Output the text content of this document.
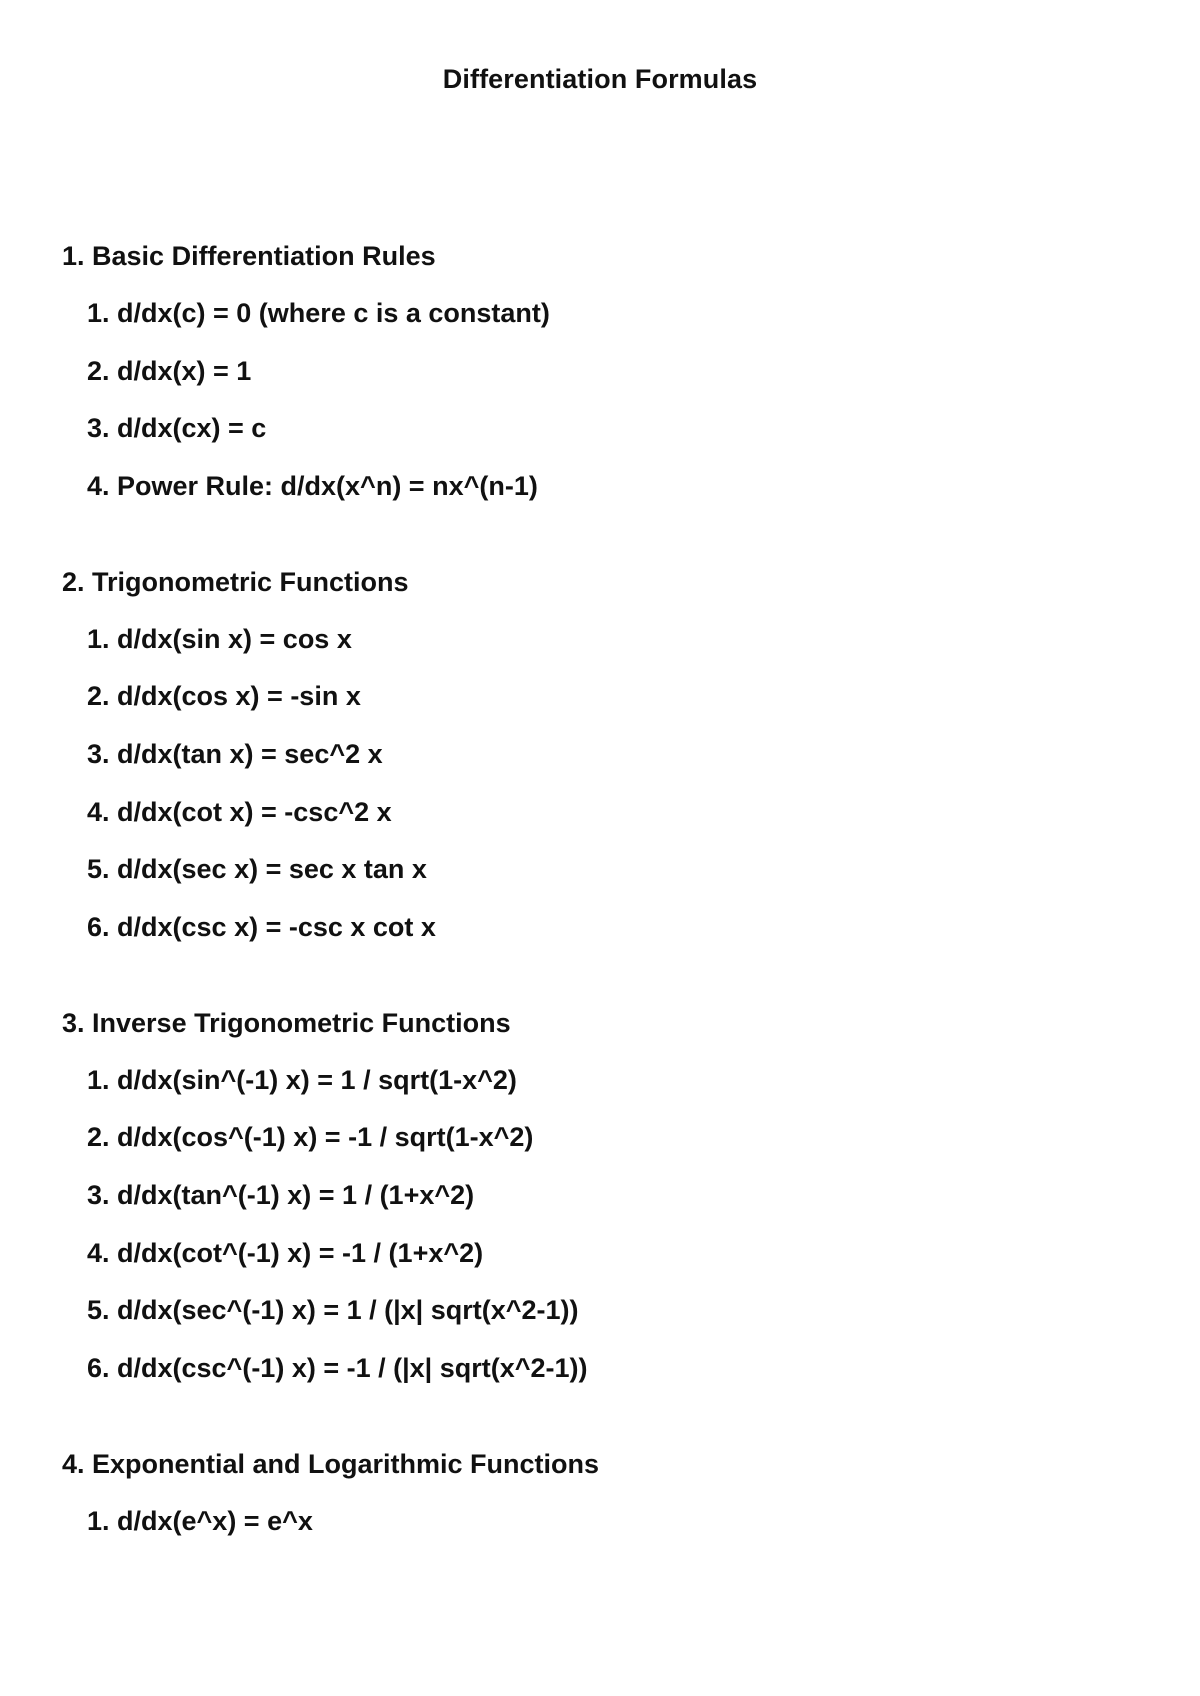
Differentiation Formulas
1. Basic Differentiation Rules
1. d/dx(c) = 0 (where c is a constant)
2. d/dx(x) = 1
3. d/dx(cx) = c
4. Power Rule: d/dx(x^n) = nx^(n-1)
2. Trigonometric Functions
1. d/dx(sin x) = cos x
2. d/dx(cos x) = -sin x
3. d/dx(tan x) = sec^2 x
4. d/dx(cot x) = -csc^2 x
5. d/dx(sec x) = sec x tan x
6. d/dx(csc x) = -csc x cot x
3. Inverse Trigonometric Functions
1. d/dx(sin^(-1) x) = 1 / sqrt(1-x^2)
2. d/dx(cos^(-1) x) = -1 / sqrt(1-x^2)
3. d/dx(tan^(-1) x) = 1 / (1+x^2)
4. d/dx(cot^(-1) x) = -1 / (1+x^2)
5. d/dx(sec^(-1) x) = 1 / (|x| sqrt(x^2-1))
6. d/dx(csc^(-1) x) = -1 / (|x| sqrt(x^2-1))
4. Exponential and Logarithmic Functions
1. d/dx(e^x) = e^x
